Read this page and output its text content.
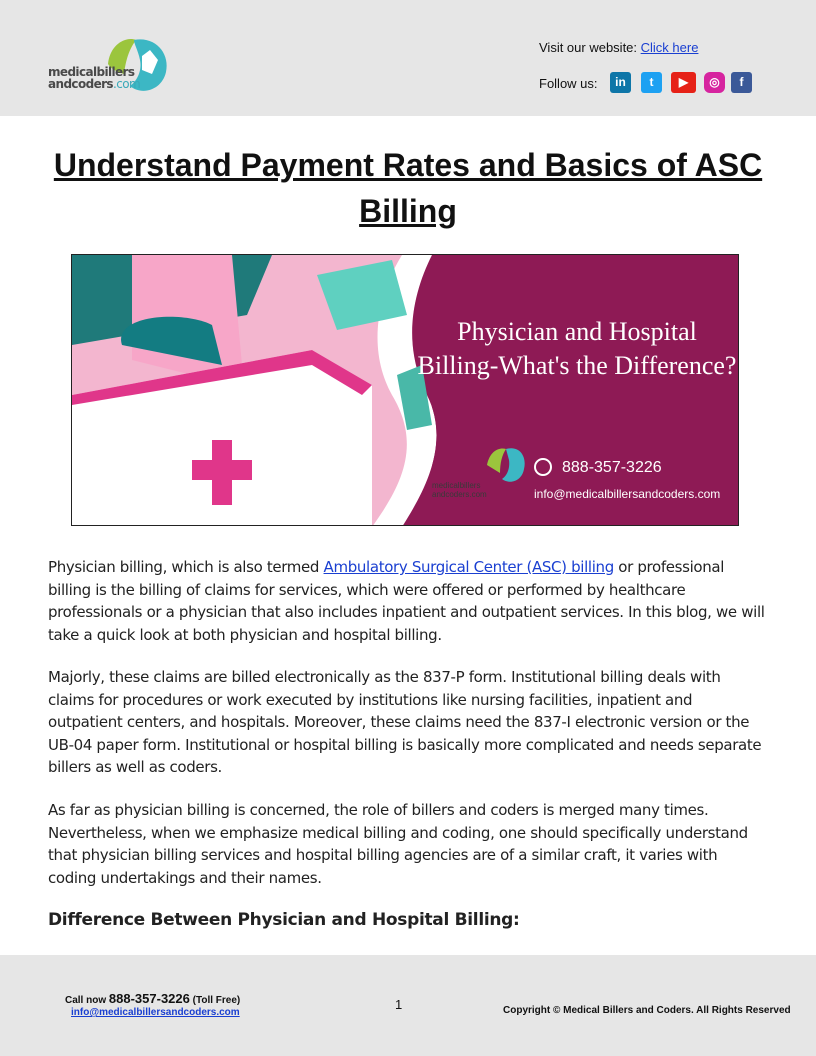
medicalbillers
andcoders.com
Visit our website: Click here
Follow us:	in	t	▶	◎	f
Understand Payment Rates and Basics of ASC Billing
Physician and Hospital Billing-What's the Difference?
888-357-3226
info@medicalbillersandcoders.com
medicalbillers
andcoders.com
Physician billing, which is also termed Ambulatory Surgical Center (ASC) billing or professional billing is the billing of claims for services, which were offered or performed by healthcare professionals or a physician that also includes inpatient and outpatient services. In this blog, we will take a quick look at both physician and hospital billing.
Majorly, these claims are billed electronically as the 837-P form. Institutional billing deals with claims for procedures or work executed by institutions like nursing facilities, inpatient and outpatient centers, and hospitals. Moreover, these claims need the 837-I electronic version or the UB-04 paper form. Institutional or hospital billing is basically more complicated and needs separate billers as well as coders.
As far as physician billing is concerned, the role of billers and coders is merged many times. Nevertheless, when we emphasize medical billing and coding, one should specifically understand that physician billing services and hospital billing agencies are of a similar craft, it varies with coding undertakings and their names.
Difference Between Physician and Hospital Billing:
Call now 888-357-3226 (Toll Free)
info@medicalbillersandcoders.com
1	Copyright © Medical Billers and Coders. All Rights Reserved
